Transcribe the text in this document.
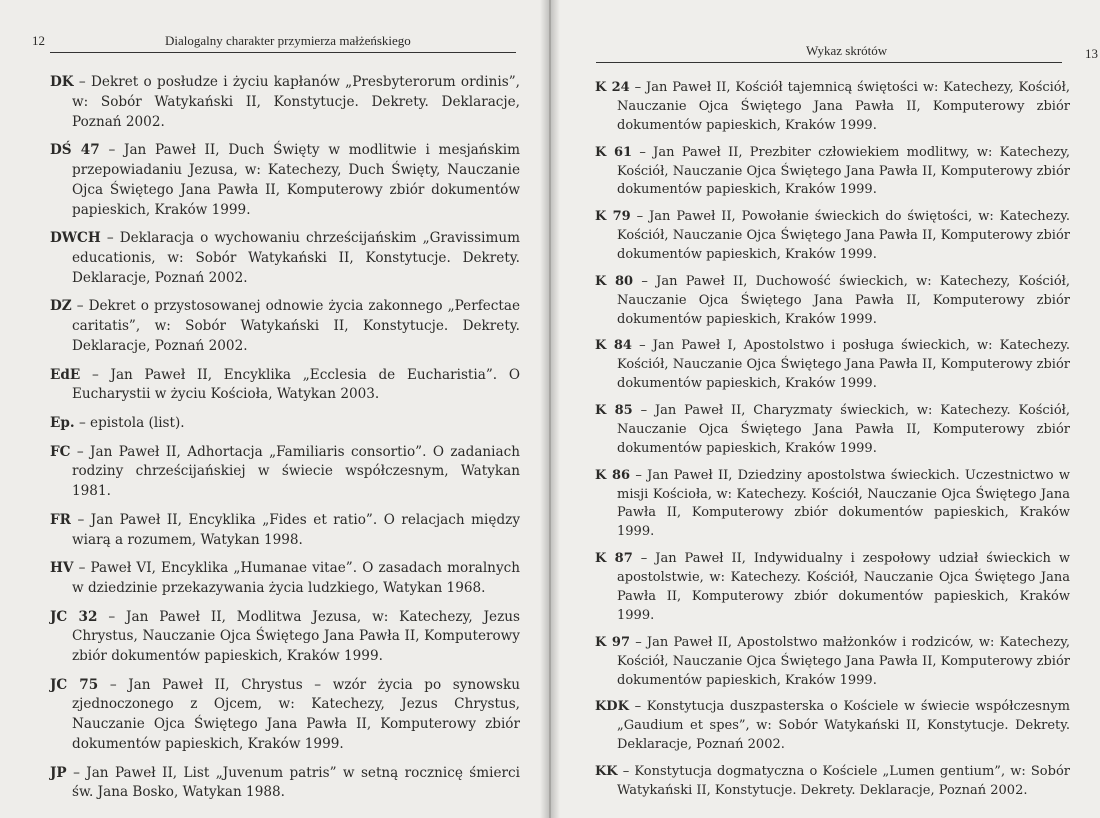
12	Dialogalny charakter przymierza małżeńskiego
DK – Dekret o posłudze i życiu kapłanów „Presbyterorum ordinis”, w: Sobór Watykański II, Konstytucje. Dekrety. Deklaracje, Poznań 2002.
DŚ 47 – Jan Paweł II, Duch Święty w modlitwie i mesjańskim przepowiadaniu Jezusa, w: Katechezy, Duch Święty, Nauczanie Ojca Świętego Jana Pawła II, Komputerowy zbiór dokumentów papieskich, Kraków 1999.
DWCH – Deklaracja o wychowaniu chrześcijańskim „Gravissimum educationis, w: Sobór Watykański II, Konstytucje. Dekrety. Deklaracje, Poznań 2002.
DZ – Dekret o przystosowanej odnowie życia zakonnego „Perfectae caritatis”, w: Sobór Watykański II, Konstytucje. Dekrety. Deklaracje, Poznań 2002.
EdE – Jan Paweł II, Encyklika „Ecclesia de Eucharistia”. O Eucharystii w życiu Kościoła, Watykan 2003.
Ep. – epistola (list).
FC – Jan Paweł II, Adhortacja „Familiaris consortio”. O zadaniach rodziny chrześcijańskiej w świecie współczesnym, Watykan 1981.
FR – Jan Paweł II, Encyklika „Fides et ratio”. O relacjach między wiarą a rozumem, Watykan 1998.
HV – Paweł VI, Encyklika „Humanae vitae”. O zasadach moralnych w dziedzinie przekazywania życia ludzkiego, Watykan 1968.
JC 32 – Jan Paweł II, Modlitwa Jezusa, w: Katechezy, Jezus Chrystus, Nauczanie Ojca Świętego Jana Pawła II, Komputerowy zbiór dokumentów papieskich, Kraków 1999.
JC 75 – Jan Paweł II, Chrystus – wzór życia po synowsku zjednoczonego z Ojcem, w: Katechezy, Jezus Chrystus, Nauczanie Ojca Świętego Jana Pawła II, Komputerowy zbiór dokumentów papieskich, Kraków 1999.
JP – Jan Paweł II, List „Juvenum patris” w setną rocznicę śmierci św. Jana Bosko, Watykan 1988.
Wykaz skrótów	13
K 24 – Jan Paweł II, Kościół tajemnicą świętości w: Katechezy, Kościół, Nauczanie Ojca Świętego Jana Pawła II, Komputerowy zbiór dokumentów papieskich, Kraków 1999.
K 61 – Jan Paweł II, Prezbiter człowiekiem modlitwy, w: Katechezy, Kościół, Nauczanie Ojca Świętego Jana Pawła II, Komputerowy zbiór dokumentów papieskich, Kraków 1999.
K 79 – Jan Paweł II, Powołanie świeckich do świętości, w: Katechezy. Kościół, Nauczanie Ojca Świętego Jana Pawła II, Komputerowy zbiór dokumentów papieskich, Kraków 1999.
K 80 – Jan Paweł II, Duchowość świeckich, w: Katechezy, Kościół, Nauczanie Ojca Świętego Jana Pawła II, Komputerowy zbiór dokumentów papieskich, Kraków 1999.
K 84 – Jan Paweł I, Apostolstwo i posługa świeckich, w: Katechezy. Kościół, Nauczanie Ojca Świętego Jana Pawła II, Komputerowy zbiór dokumentów papieskich, Kraków 1999.
K 85 – Jan Paweł II, Charyzmaty świeckich, w: Katechezy. Kościół, Nauczanie Ojca Świętego Jana Pawła II, Komputerowy zbiór dokumentów papieskich, Kraków 1999.
K 86 – Jan Paweł II, Dziedziny apostolstwa świeckich. Uczestnictwo w misji Kościoła, w: Katechezy. Kościół, Nauczanie Ojca Świętego Jana Pawła II, Komputerowy zbiór dokumentów papieskich, Kraków 1999.
K 87 – Jan Paweł II, Indywidualny i zespołowy udział świeckich w apostolstwie, w: Katechezy. Kościół, Nauczanie Ojca Świętego Jana Pawła II, Komputerowy zbiór dokumentów papieskich, Kraków 1999.
K 97 – Jan Paweł II, Apostolstwo małżonków i rodziców, w: Katechezy, Kościół, Nauczanie Ojca Świętego Jana Pawła II, Komputerowy zbiór dokumentów papieskich, Kraków 1999.
KDK – Konstytucja duszpasterska o Kościele w świecie współczesnym „Gaudium et spes”, w: Sobór Watykański II, Konstytucje. Dekrety. Deklaracje, Poznań 2002.
KK – Konstytucja dogmatyczna o Kościele „Lumen gentium”, w: Sobór Watykański II, Konstytucje. Dekrety. Deklaracje, Poznań 2002.
